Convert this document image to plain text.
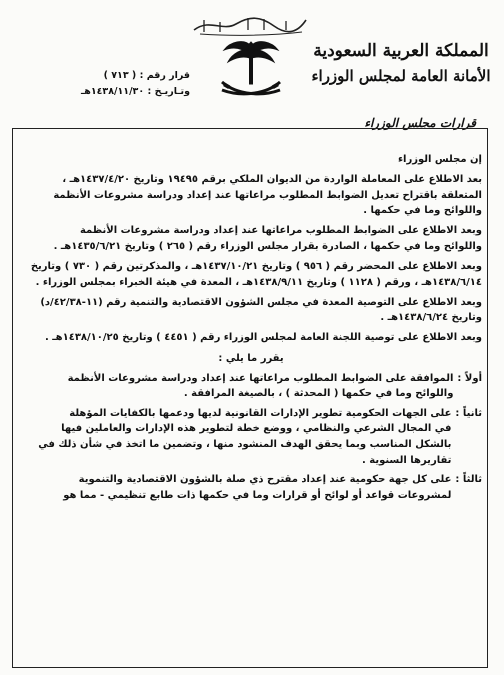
المملكة العربية السعودية
الأمانة العامة لمجلس الوزراء
قرارات مجلس الوزراء
قرار رقم : ( ٧١٣ )
وتـاريـخ : ١٤٣٨/١١/٣٠هـ

إن مجلس الوزراء

بعد الاطلاع على المعاملة الواردة من الديوان الملكي برقم ١٩٤٩٥ وتاريخ ١٤٣٧/٤/٢٠هـ ،
المتعلقة باقتراح تعديل الضوابط المطلوب مراعاتها عند إعداد ودراسة مشروعات الأنظمة
واللوائح وما في حكمها .

وبعد الاطلاع على الضوابط المطلوب مراعاتها عند إعداد ودراسة مشروعات الأنظمة
واللوائح وما في حكمها ، الصادرة بقرار مجلس الوزراء رقم ( ٢٦٥ ) وتاريخ ١٤٣٥/٦/٢١هـ .

وبعد الاطلاع على المحضر رقم ( ٩٥٦ ) وتاريخ ١٤٣٧/١٠/٢١هـ ، والمذكرتين رقم ( ٧٣٠ ) وتاريخ
١٤٣٨/٦/١٤هـ ، ورقم ( ١١٢٨ ) وتاريخ ١٤٣٨/٩/١١هـ ، المعدة في هيئة الخبراء بمجلس الوزراء .

وبعد الاطلاع على التوصية المعدة في مجلس الشؤون الاقتصادية والتنمية رقم (١١-٤٢/٣٨/د)
وتاريخ ١٤٣٨/٦/٢٤هـ .

وبعد الاطلاع على توصية اللجنة العامة لمجلس الوزراء رقم ( ٤٤٥١ ) وتاريخ ١٤٣٨/١٠/٢٥هـ .

يقرر ما يلي :

أولاً :
الموافقة على الضوابط المطلوب مراعاتها عند إعداد ودراسة مشروعات الأنظمة
واللوائح وما في حكمها ( المحدثة ) ، بالصيغة المرافقة .
ثانياً :
على الجهات الحكومية تطوير الإدارات القانونية لديها ودعمها بالكفايات المؤهلة
في المجال الشرعي والنظامي ، ووضع خطة لتطوير هذه الإدارات والعاملين فيها
بالشكل المناسب وبما يحقق الهدف المنشود منها ، وتضمين ما اتخذ في شأن ذلك في
تقاريرها السنوية .
ثالثاً :
على كل جهة حكومية عند إعداد مقترح ذي صلة بالشؤون الاقتصادية والتنموية
لمشروعات قواعد أو لوائح أو قرارات وما في حكمها ذات طابع تنظيمي - مما هو
